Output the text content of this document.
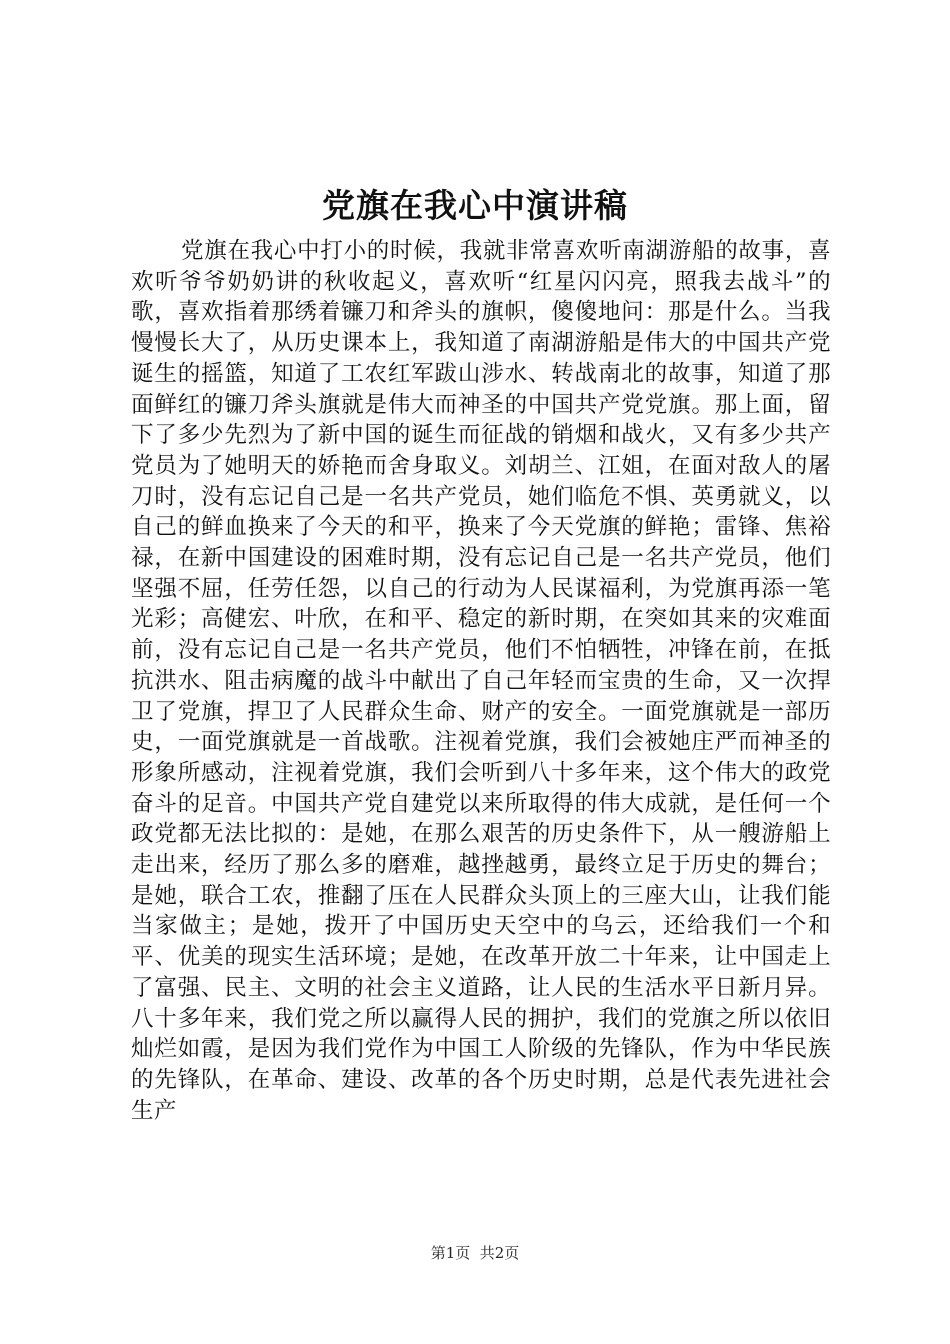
党旗在我心中演讲稿

党旗在我心中打小的时候，我就非常喜欢听南湖游船的故事，喜欢听爷爷奶奶讲的秋收起义，喜欢听“红星闪闪亮，照我去战斗”的歌，喜欢指着那绣着镰刀和斧头的旗帜，傻傻地问：那是什么。当我慢慢长大了，从历史课本上，我知道了南湖游船是伟大的中国共产党诞生的摇篮，知道了工农红军跋山涉水、转战南北的故事，知道了那面鲜红的镰刀斧头旗就是伟大而神圣的中国共产党党旗。那上面，留下了多少先烈为了新中国的诞生而征战的销烟和战火，又有多少共产党员为了她明天的娇艳而舍身取义。刘胡兰、江姐，在面对敌人的屠刀时，没有忘记自己是一名共产党员，她们临危不惧、英勇就义，以自己的鲜血换来了今天的和平，换来了今天党旗的鲜艳；雷锋、焦裕禄，在新中国建设的困难时期，没有忘记自己是一名共产党员，他们坚强不屈，任劳任怨，以自己的行动为人民谋福利，为党旗再添一笔光彩；高健宏、叶欣，在和平、稳定的新时期，在突如其来的灾难面前，没有忘记自己是一名共产党员，他们不怕牺牲，冲锋在前，在抵抗洪水、阻击病魔的战斗中献出了自己年轻而宝贵的生命，又一次捍卫了党旗，捍卫了人民群众生命、财产的安全。一面党旗就是一部历史，一面党旗就是一首战歌。注视着党旗，我们会被她庄严而神圣的形象所感动，注视着党旗，我们会听到八十多年来，这个伟大的政党奋斗的足音。中国共产党自建党以来所取得的伟大成就，是任何一个政党都无法比拟的：是她，在那么艰苦的历史条件下，从一艘游船上走出来，经历了那么多的磨难，越挫越勇，最终立足于历史的舞台；是她，联合工农，推翻了压在人民群众头顶上的三座大山，让我们能当家做主；是她，拨开了中国历史天空中的乌云，还给我们一个和平、优美的现实生活环境；是她，在改革开放二十年来，让中国走上了富强、民主、文明的社会主义道路，让人民的生活水平日新月异。八十多年来，我们党之所以赢得人民的拥护，我们的党旗之所以依旧灿烂如霞，是因为我们党作为中国工人阶级的先锋队，作为中华民族的先锋队，在革命、建设、改革的各个历史时期，总是代表先进社会生产

第1页  共2页
